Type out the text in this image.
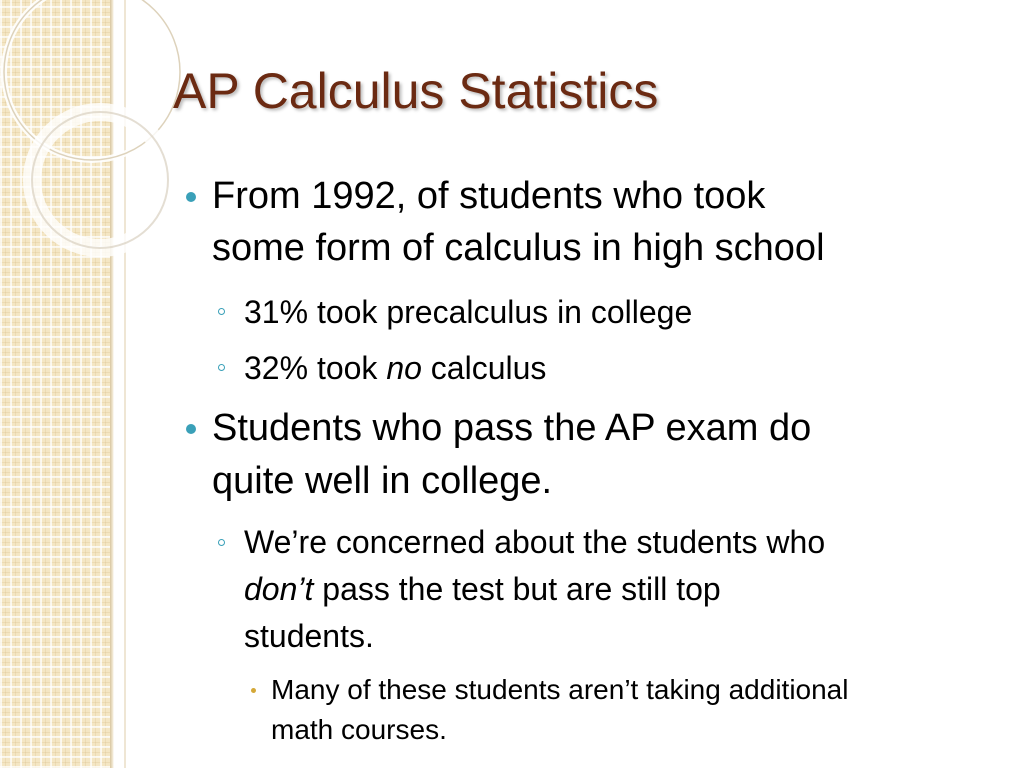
AP Calculus Statistics
From 1992, of students who took
some form of calculus in high school
31% took precalculus in college
32% took no calculus
Students who pass the AP exam do
quite well in college.
We’re concerned about the students who
don’t pass the test but are still top
students.
Many of these students aren’t taking additional
math courses.
